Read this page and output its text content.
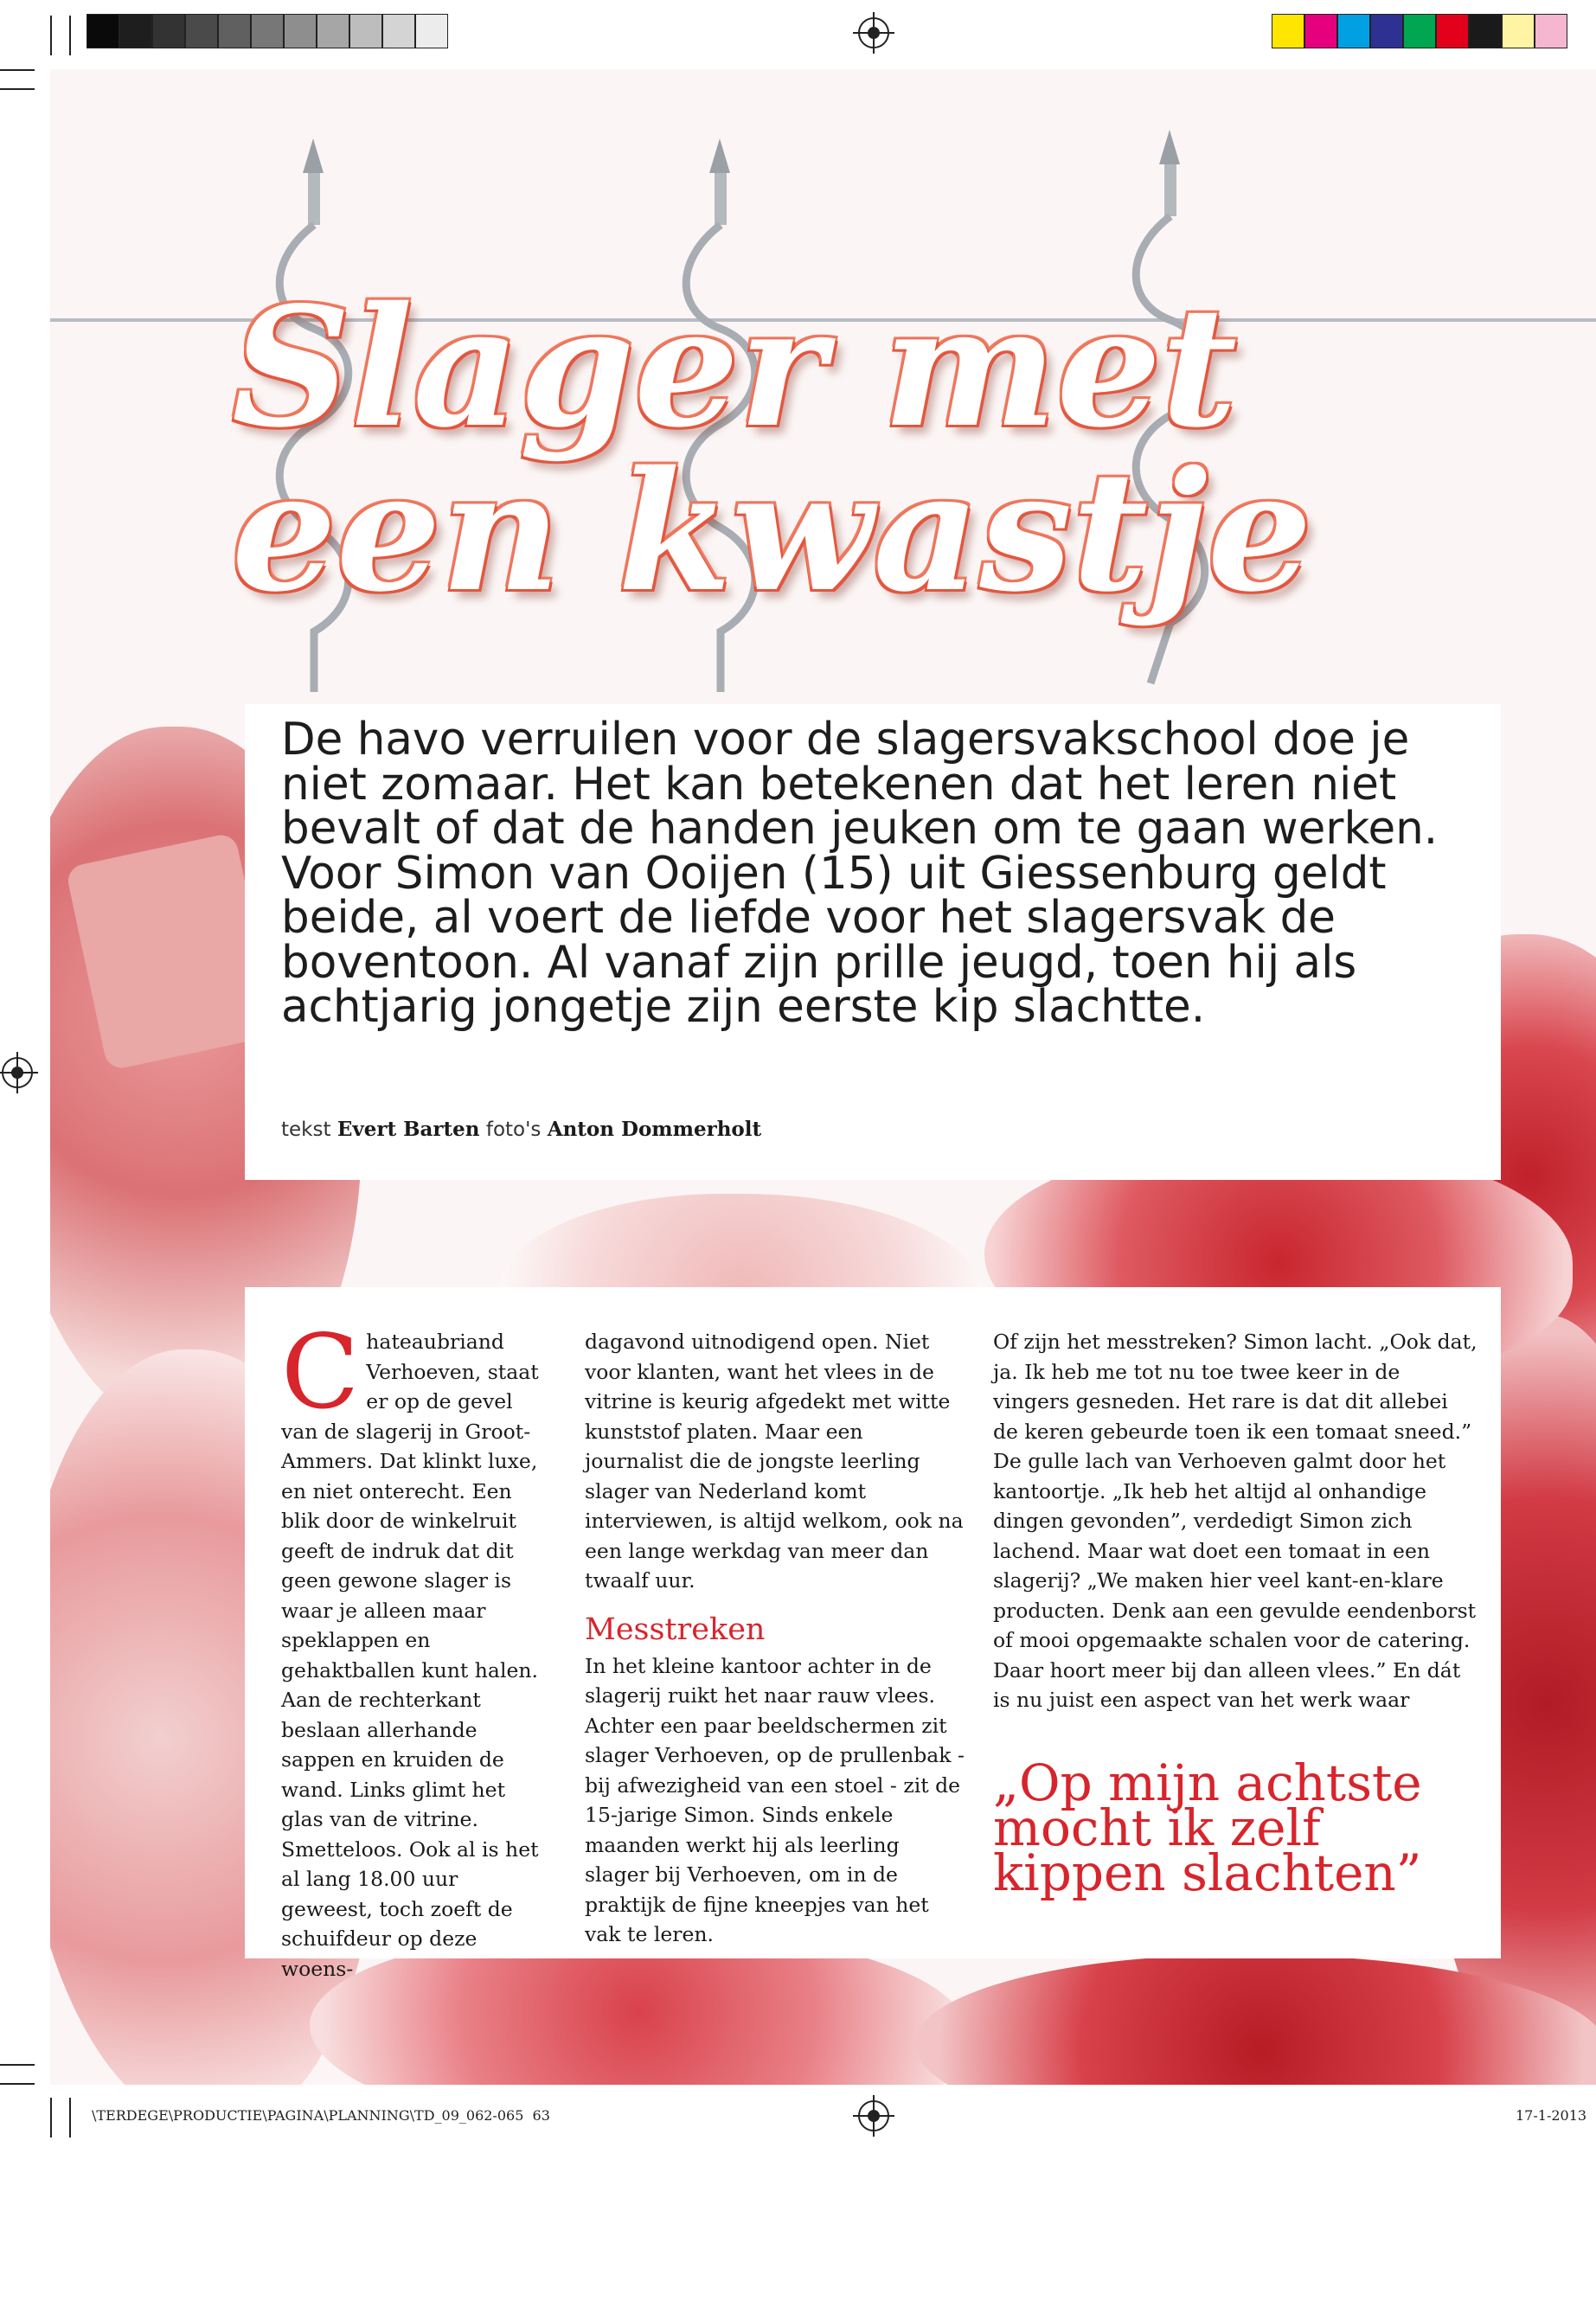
Slager met
een kwastje
De havo verruilen voor de slagersvakschool doe je niet zomaar. Het kan betekenen dat het leren niet bevalt of dat de handen jeuken om te gaan werken. Voor Simon van Ooijen (15) uit Giessenburg geldt beide, al voert de liefde voor het slagersvak de boventoon. Al vanaf zijn prille jeugd, toen hij als achtjarig jongetje zijn eerste kip slachtte.
tekst Evert Barten foto's Anton Dommerholt
C hateaubriand Verhoeven, staat er op de gevel van de slagerij in Groot-Ammers. Dat klinkt luxe, en niet onterecht. Een blik door de winkelruit geeft de indruk dat dit geen gewone slager is waar je alleen maar speklappen en gehaktballen kunt halen. Aan de rechterkant beslaan allerhande sappen en kruiden de wand. Links glimt het glas van de vitrine. Smetteloos. Ook al is het al lang 18.00 uur geweest, toch zoeft de schuifdeur op deze woens-

dagavond uitnodigend open. Niet voor klanten, want het vlees in de vitrine is keurig afgedekt met witte kunststof platen. Maar een journalist die de jongste leerling slager van Nederland komt interviewen, is altijd welkom, ook na een lange werkdag van meer dan twaalf uur.

Messtreken

In het kleine kantoor achter in de slagerij ruikt het naar rauw vlees. Achter een paar beeldschermen zit slager Verhoeven, op de prullenbak - bij afwezigheid van een stoel - zit de 15-jarige Simon. Sinds enkele maanden werkt hij als leerling slager bij Verhoeven, om in de praktijk de fijne kneepjes van het vak te leren.

Of zijn het messtreken? Simon lacht. „Ook dat, ja. Ik heb me tot nu toe twee keer in de vingers gesneden. Het rare is dat dit allebei de keren gebeurde toen ik een tomaat sneed.” De gulle lach van Verhoeven galmt door het kantoortje. „Ik heb het altijd al onhandige dingen gevonden”, verdedigt Simon zich lachend. Maar wat doet een tomaat in een slagerij? „We maken hier veel kant-en-klare producten. Denk aan een gevulde eendenborst of mooi opgemaakte schalen voor de catering. Daar hoort meer bij dan alleen vlees.” En dát is nu juist een aspect van het werk waar

„Op mijn achtste mocht ik zelf kippen slachten”
\TERDEGE\PRODUCTIE\PAGINA\PLANNING\TD_09_062-065 63	17-1-2013
